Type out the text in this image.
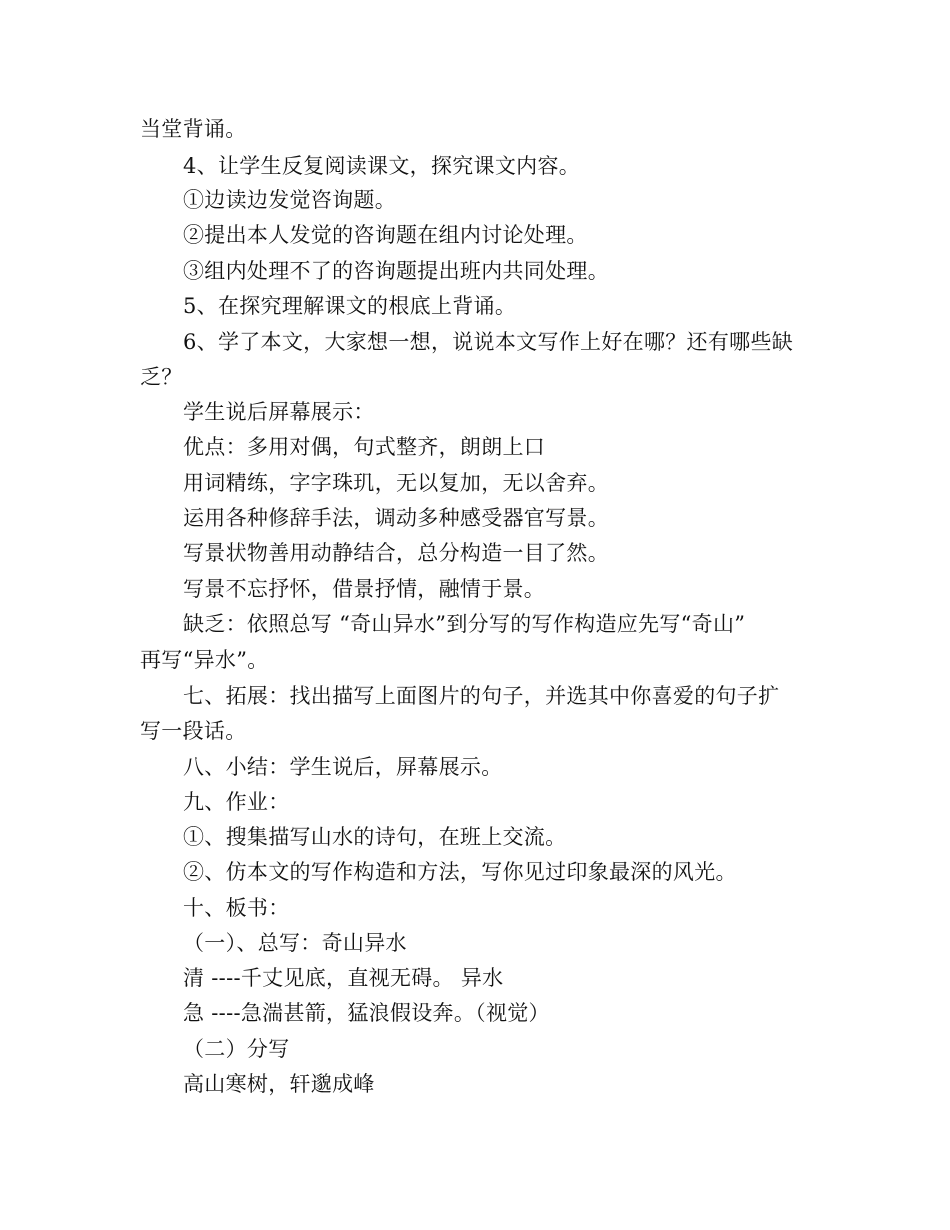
当堂背诵。
4、让学生反复阅读课文，探究课文内容。
①边读边发觉咨询题。
②提出本人发觉的咨询题在组内讨论处理。
③组内处理不了的咨询题提出班内共同处理。
5、在探究理解课文的根底上背诵。
6、学了本文，大家想一想，说说本文写作上好在哪？还有哪些缺
乏？
学生说后屏幕展示：
优点：多用对偶，句式整齐，朗朗上口
用词精练，字字珠玑，无以复加，无以舍弃。
运用各种修辞手法，调动多种感受器官写景。
写景状物善用动静结合，总分构造一目了然。
写景不忘抒怀，借景抒情，融情于景。
缺乏：依照总写 “奇山异水”到分写的写作构造应先写“奇山”
再写“异水”。
七、拓展：找出描写上面图片的句子，并选其中你喜爱的句子扩
写一段话。
八、小结：学生说后，屏幕展示。
九、作业：
①、搜集描写山水的诗句，在班上交流。
②、仿本文的写作构造和方法，写你见过印象最深的风光。
十、板书：
（一）、总写：奇山异水
清 ----千丈见底，直视无碍。 异水
急 ----急湍甚箭，猛浪假设奔。（视觉）
（二）分写
高山寒树，轩邈成峰
